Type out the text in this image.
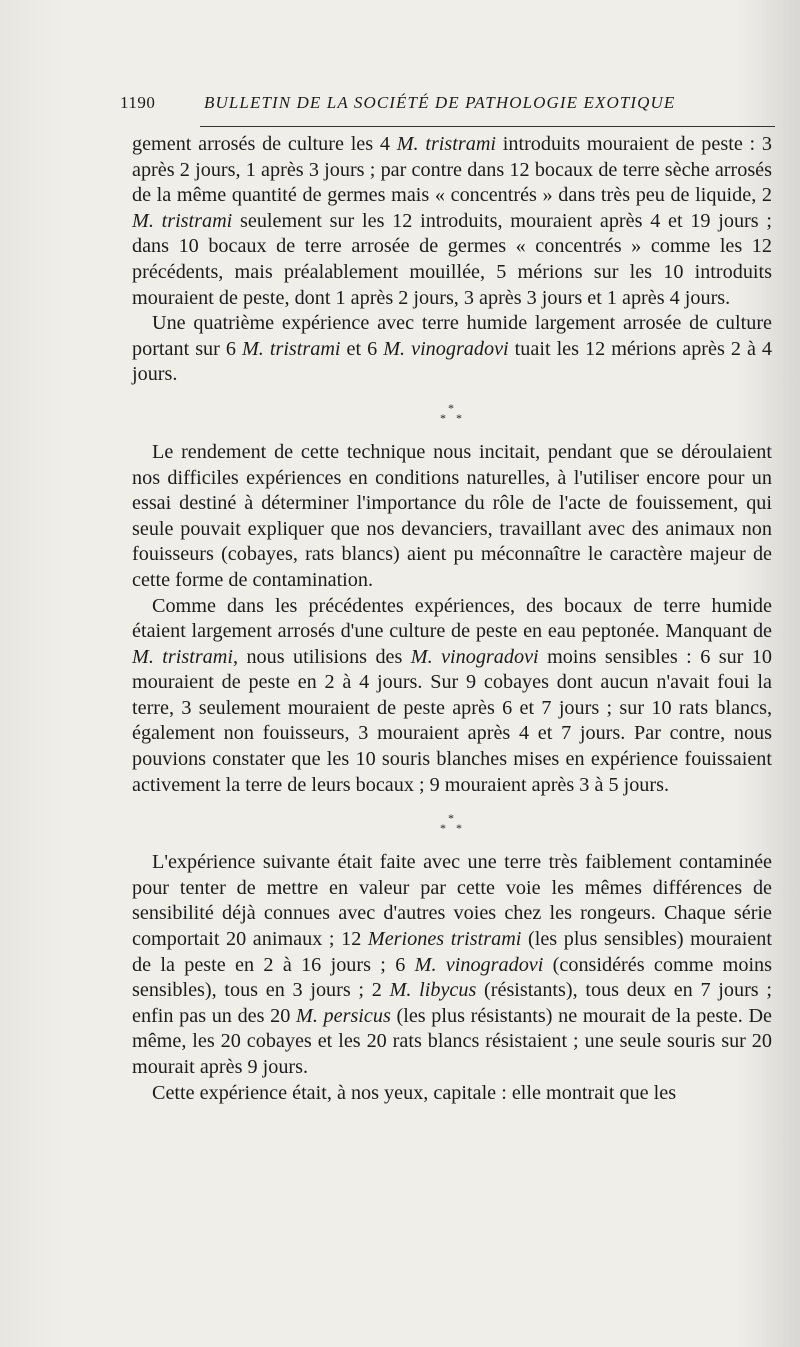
1190	BULLETIN DE LA SOCIÉTÉ DE PATHOLOGIE EXOTIQUE

gement arrosés de culture les 4 M. tristrami introduits mouraient de peste : 3 après 2 jours, 1 après 3 jours ; par contre dans 12 bocaux de terre sèche arrosés de la même quantité de germes mais « concentrés » dans très peu de liquide, 2 M. tristrami seulement sur les 12 introduits, mouraient après 4 et 19 jours ; dans 10 bocaux de terre arrosée de germes « concentrés » comme les 12 précédents, mais préalablement mouillée, 5 mérions sur les 10 introduits mouraient de peste, dont 1 après 2 jours, 3 après 3 jours et 1 après 4 jours.

Une quatrième expérience avec terre humide largement arrosée de culture portant sur 6 M. tristrami et 6 M. vinogradovi tuait les 12 mérions après 2 à 4 jours.

*
* *

Le rendement de cette technique nous incitait, pendant que se déroulaient nos difficiles expériences en conditions naturelles, à l'utiliser encore pour un essai destiné à déterminer l'importance du rôle de l'acte de fouissement, qui seule pouvait expliquer que nos devanciers, travaillant avec des animaux non fouisseurs (cobayes, rats blancs) aient pu méconnaître le caractère majeur de cette forme de contamination.

Comme dans les précédentes expériences, des bocaux de terre humide étaient largement arrosés d'une culture de peste en eau peptonée. Manquant de M. tristrami, nous utilisions des M. vinogradovi moins sensibles : 6 sur 10 mouraient de peste en 2 à 4 jours. Sur 9 cobayes dont aucun n'avait foui la terre, 3 seulement mouraient de peste après 6 et 7 jours ; sur 10 rats blancs, également non fouisseurs, 3 mouraient après 4 et 7 jours. Par contre, nous pouvions constater que les 10 souris blanches mises en expérience fouissaient activement la terre de leurs bocaux ; 9 mouraient après 3 à 5 jours.

*
* *

L'expérience suivante était faite avec une terre très faiblement contaminée pour tenter de mettre en valeur par cette voie les mêmes différences de sensibilité déjà connues avec d'autres voies chez les rongeurs. Chaque série comportait 20 animaux ; 12 Meriones tristrami (les plus sensibles) mouraient de la peste en 2 à 16 jours ; 6 M. vinogradovi (considérés comme moins sensibles), tous en 3 jours ; 2 M. libycus (résistants), tous deux en 7 jours ; enfin pas un des 20 M. persicus (les plus résistants) ne mourait de la peste. De même, les 20 cobayes et les 20 rats blancs résistaient ; une seule souris sur 20 mourait après 9 jours.

Cette expérience était, à nos yeux, capitale : elle montrait que les
